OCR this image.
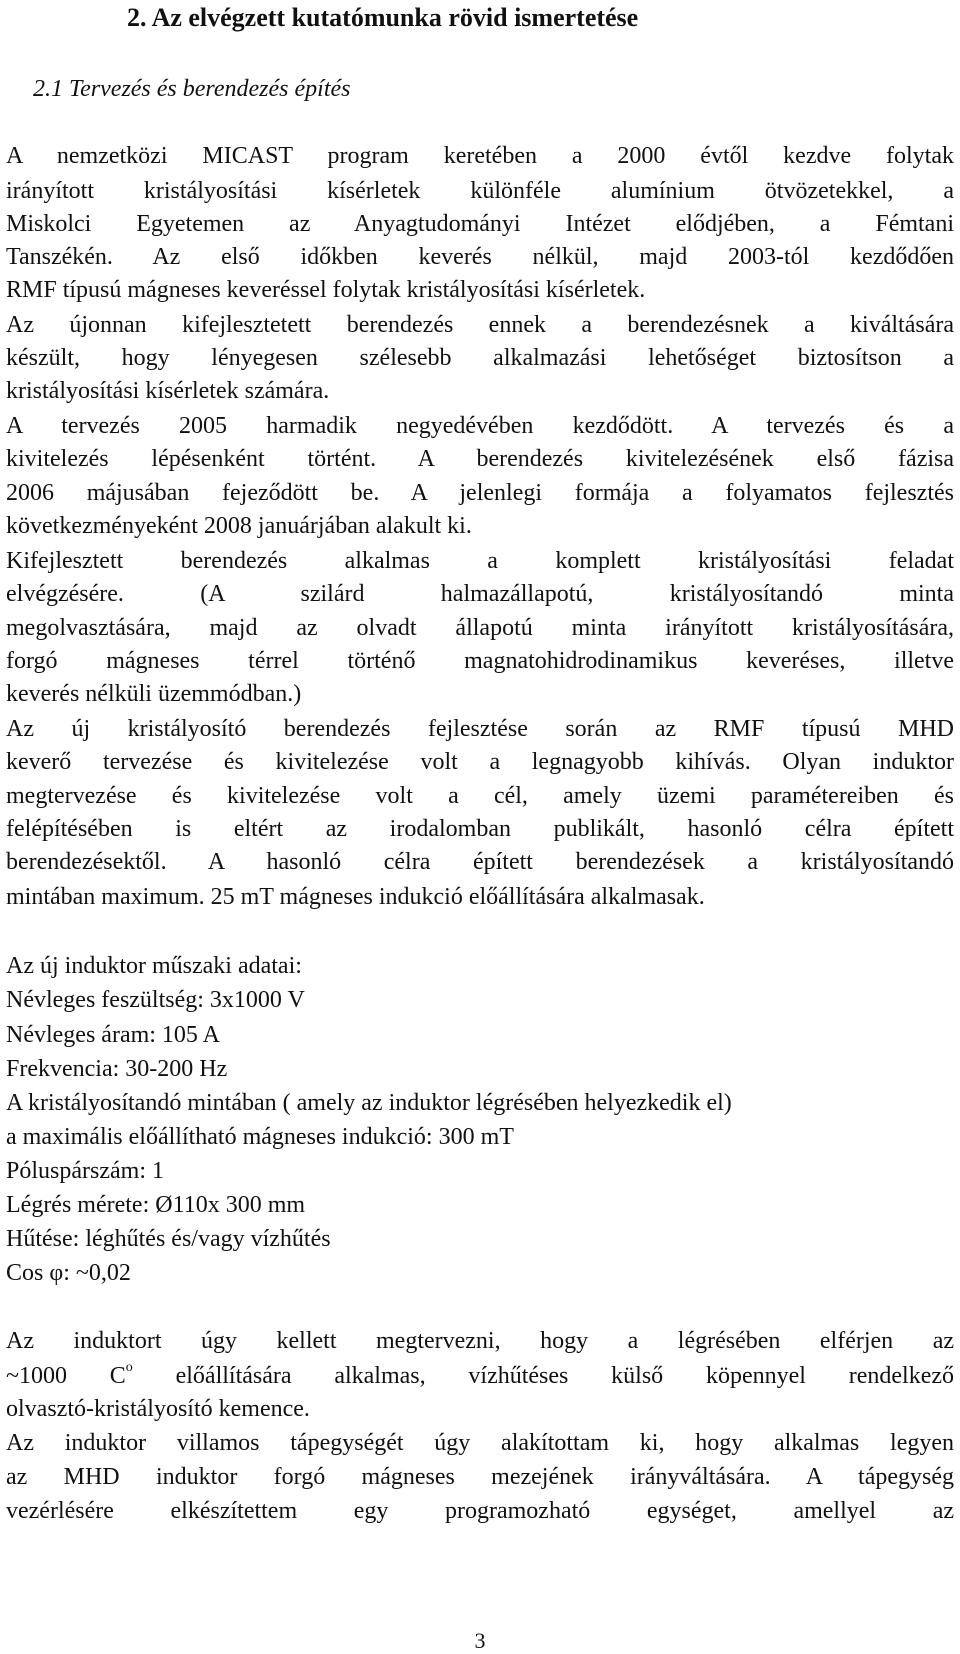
2. Az elvégzett kutatómunka rövid ismertetése
2.1 Tervezés és berendezés építés
A nemzetközi MICAST program keretében a 2000 évtől kezdve folytak
irányított kristályosítási kísérletek különféle alumínium ötvözetekkel, a
Miskolci Egyetemen az Anyagtudományi Intézet elődjében, a Fémtani
Tanszékén. Az első időkben keverés nélkül, majd 2003-tól kezdődően
RMF típusú mágneses keveréssel folytak kristályosítási kísérletek.
Az újonnan kifejlesztetett berendezés ennek a berendezésnek a kiváltására
készült, hogy lényegesen szélesebb alkalmazási lehetőséget biztosítson a
kristályosítási kísérletek számára.
A tervezés 2005 harmadik negyedévében kezdődött. A tervezés és a
kivitelezés lépésenként történt. A berendezés kivitelezésének első fázisa
2006 májusában fejeződött be. A jelenlegi formája a folyamatos fejlesztés
következményeként 2008 januárjában alakult ki.
Kifejlesztett berendezés alkalmas a komplett kristályosítási feladat
elvégzésére. (A szilárd halmazállapotú, kristályosítandó minta
megolvasztására, majd az olvadt állapotú minta irányított kristályosítására,
forgó mágneses térrel történő magnatohidrodinamikus keveréses, illetve
keverés nélküli üzemmódban.)
Az új kristályosító berendezés fejlesztése során az RMF típusú MHD
keverő tervezése és kivitelezése volt a legnagyobb kihívás. Olyan induktor
megtervezése és kivitelezése volt a cél, amely üzemi paramétereiben és
felépítésében is eltért az irodalomban publikált, hasonló célra épített
berendezésektől. A hasonló célra épített berendezések a kristályosítandó
mintában maximum. 25 mT mágneses indukció előállítására alkalmasak.
Az új induktor műszaki adatai:
Névleges feszültség: 3x1000 V
Névleges áram: 105 A
Frekvencia: 30-200 Hz
A kristályosítandó mintában ( amely az induktor légrésében helyezkedik el)
a maximális előállítható mágneses indukció: 300 mT
Póluspárszám: 1
Légrés mérete: Ø110x 300 mm
Hűtése: léghűtés és/vagy vízhűtés
Cos φ: ~0,02
Az induktort úgy kellett megtervezni, hogy a légrésében elférjen az
~1000 $C^o$ előállítására alkalmas, vízhűtéses külső köpennyel rendelkező
olvasztó-kristályosító kemence.
Az induktor villamos tápegységét úgy alakítottam ki, hogy alkalmas legyen
az MHD induktor forgó mágneses mezejének irányváltására. A tápegység
vezérlésére elkészítettem egy programozható egységet, amellyel az
3
